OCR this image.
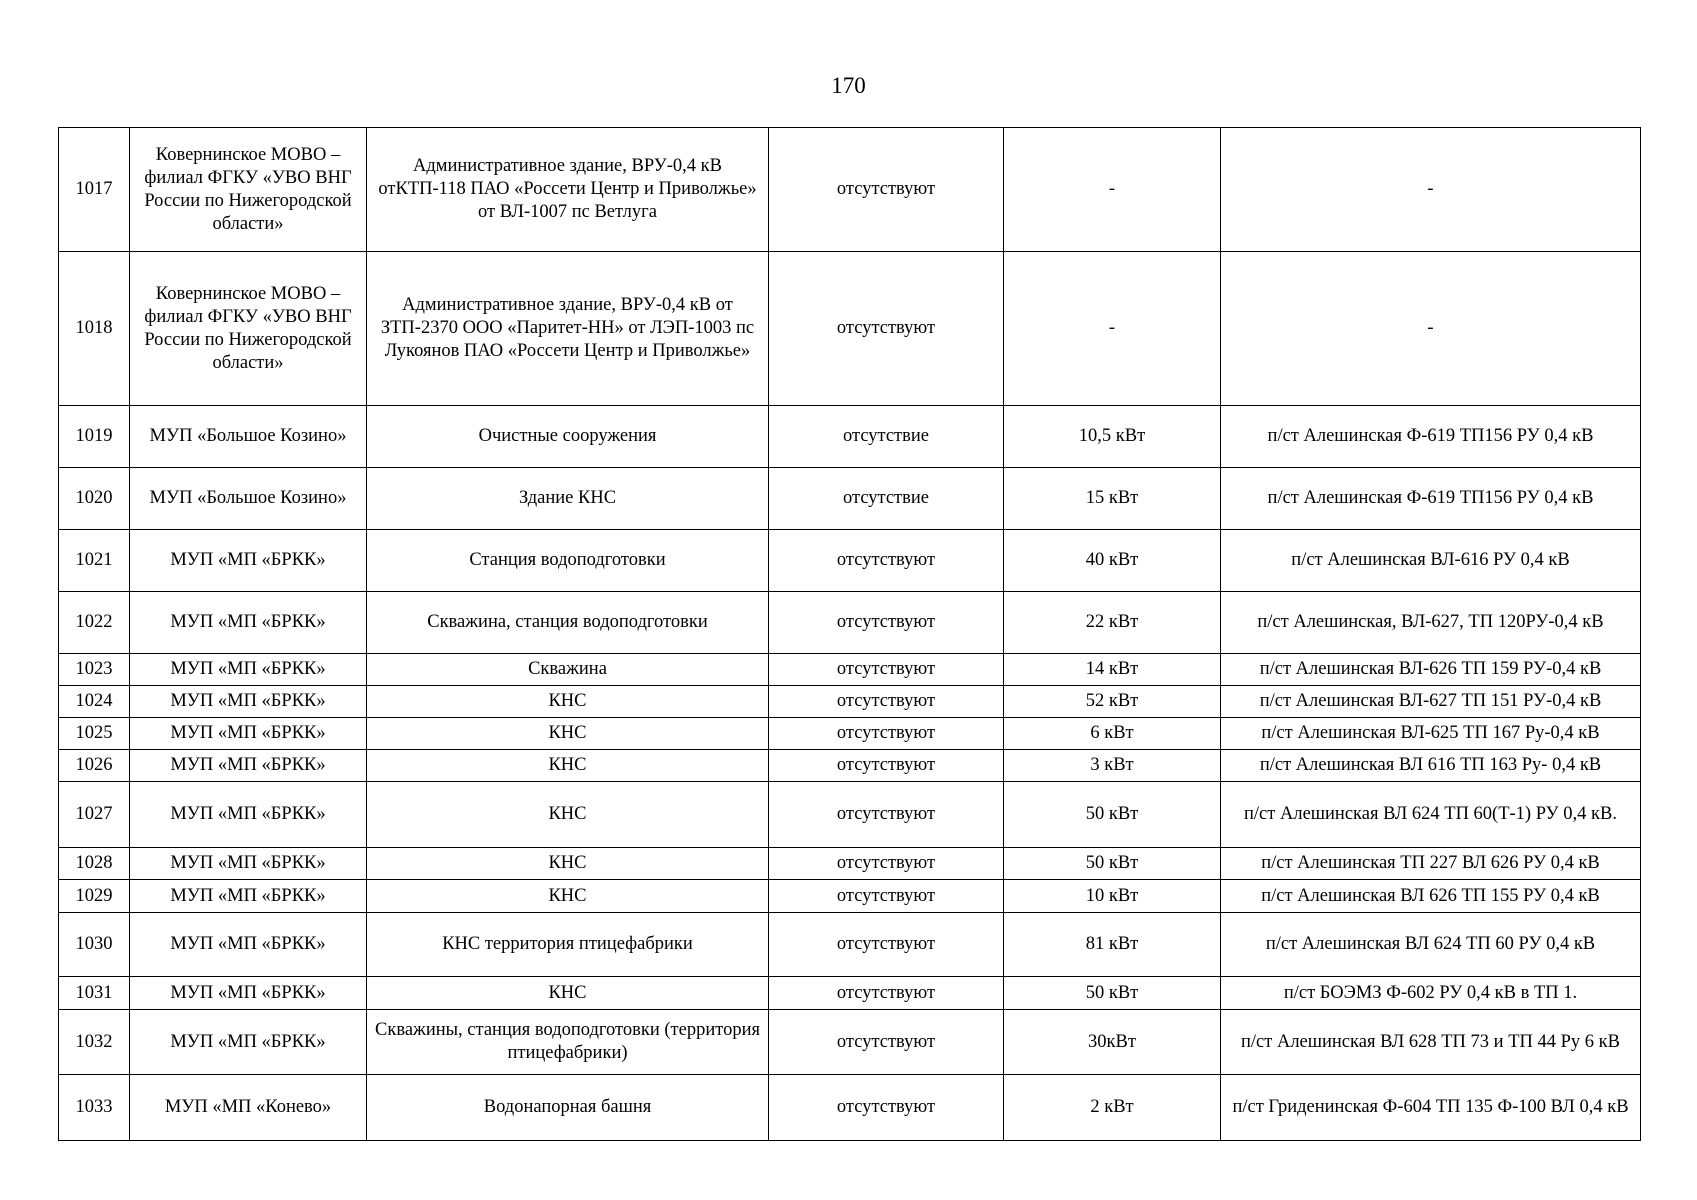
170
1017	Ковернинское МОВО – филиал ФГКУ «УВО ВНГ России по Нижегородской области»	Административное здание, ВРУ-0,4 кВ отКТП-118 ПАО «Россети Центр и Приволжье» от ВЛ-1007 пс Ветлуга	отсутствуют	-	-
1018	Ковернинское МОВО – филиал ФГКУ «УВО ВНГ России по Нижегородской области»	Административное здание, ВРУ-0,4 кВ от ЗТП-2370 ООО «Паритет-НН» от ЛЭП-1003 пс Лукоянов ПАО «Россети Центр и Приволжье»	отсутствуют	-	-
1019	МУП «Большое Козино»	Очистные сооружения	отсутствие	10,5 кВт	п/ст Алешинская Ф-619 ТП156 РУ 0,4 кВ
1020	МУП «Большое Козино»	Здание КНС	отсутствие	15 кВт	п/ст Алешинская Ф-619 ТП156 РУ 0,4 кВ
1021	МУП «МП «БРКК»	Станция водоподготовки	отсутствуют	40 кВт	п/ст Алешинская ВЛ-616 РУ 0,4 кВ
1022	МУП «МП «БРКК»	Скважина, станция водоподготовки	отсутствуют	22 кВт	п/ст Алешинская, ВЛ-627, ТП 120РУ-0,4 кВ
1023	МУП «МП «БРКК»	Скважина	отсутствуют	14 кВт	п/ст Алешинская ВЛ-626 ТП 159 РУ-0,4 кВ
1024	МУП «МП «БРКК»	КНС	отсутствуют	52 кВт	п/ст Алешинская ВЛ-627 ТП 151 РУ-0,4 кВ
1025	МУП «МП «БРКК»	КНС	отсутствуют	6 кВт	п/ст Алешинская ВЛ-625 ТП 167 Ру-0,4 кВ
1026	МУП «МП «БРКК»	КНС	отсутствуют	3 кВт	п/ст Алешинская ВЛ 616 ТП 163 Ру- 0,4 кВ
1027	МУП «МП «БРКК»	КНС	отсутствуют	50 кВт	п/ст Алешинская ВЛ 624 ТП 60(Т-1) РУ 0,4 кВ.
1028	МУП «МП «БРКК»	КНС	отсутствуют	50 кВт	п/ст Алешинская ТП 227 ВЛ 626 РУ 0,4 кВ
1029	МУП «МП «БРКК»	КНС	отсутствуют	10 кВт	п/ст Алешинская ВЛ 626 ТП 155 РУ 0,4 кВ
1030	МУП «МП «БРКК»	КНС территория птицефабрики	отсутствуют	81 кВт	п/ст Алешинская ВЛ 624 ТП 60 РУ 0,4 кВ
1031	МУП «МП «БРКК»	КНС	отсутствуют	50 кВт	п/ст БОЭМЗ Ф-602 РУ 0,4 кВ в ТП 1.
1032	МУП «МП «БРКК»	Скважины, станция водоподготовки (территория птицефабрики)	отсутствуют	30кВт	п/ст Алешинская ВЛ 628 ТП 73 и ТП 44 Ру 6 кВ
1033	МУП «МП «Конево»	Водонапорная башня	отсутствуют	2 кВт	п/ст Гриденинская Ф-604 ТП 135 Ф-100 ВЛ 0,4 кВ
